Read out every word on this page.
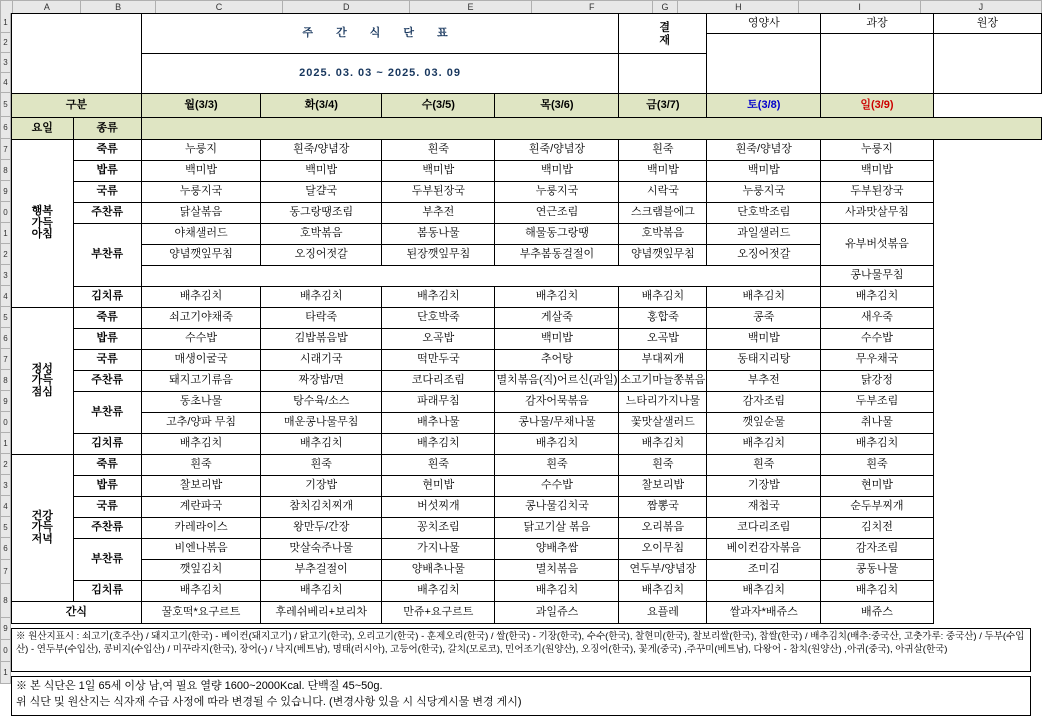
	A	B	C	D	E	F	G	H	I	J
1
2
3
4
5
6
7
8
9
0
1
2
3
4
5
6
7
8
9
0
1
2
3
4
5
6
7
8
9
0
1
		주 간 식 단 표				결재	영양사	과장	원장

		2025. 03. 03 ~ 2025. 03. 09							

구분		월(3/3)	화(3/4)	수(3/5)	목(3/6)	금(3/7)	토(3/8)	일(3/9)	
요일	종류								
행복
가득
아침	죽류	누룽지	흰죽/양념장	흰죽	흰죽/양념장	흰죽	흰죽/양념장	누룽지	
	밥류	백미밥	백미밥	백미밥	백미밥	백미밥	백미밥	백미밥	
	국류	누룽지국	달걀국	두부된장국	누룽지국	시락국	누룽지국	두부된장국	
	주찬류	닭살볶음	동그랑땡조림	부추전	연근조림	스크램블에그	단호박조림	사과맛살무침	
	부찬류	야채샐러드	호박볶음	봄동나물	해물동그랑땡	호박볶음	과일샐러드	유부버섯볶음	
		양념깻잎무침	오징어젓갈	된장깻잎무침	부추봄동걸절이	양념깻잎무침	오징어젓갈		
								콩나물무침	
	김치류	배추김치	배추김치	배추김치	배추김치	배추김치	배추김치	배추김치	
정성
가득
점심	죽류	쇠고기야채죽	타락죽	단호박죽	게살죽	홍합죽	콩죽	새우죽	
	밥류	수수밥	김밥볶음밥	오곡밥	백미밥	오곡밥	백미밥	수수밥	
	국류	매생이굴국	시래기국	떡만두국	추어탕	부대찌개	동태지리탕	무우채국	
	주찬류	돼지고기류음	짜장밥/면	코다리조림	멸치볶음(직)어르신(과일)	소고기마늘쫑볶음	부추전	닭강정	
	부찬류	동초나물	탕수육/소스	파래무침	감자어묵볶음	느타리가지나물	감자조림	두부조림	
		고추/양파 무침	매운콩나물무침	배추나물	콩나물/무채나물	꽃맛살샐러드	깻잎순물	취나물	
	김치류	배추김치	배추김치	배추김치	배추김치	배추김치	배추김치	배추김치	
건강
가득
저녁	죽류	흰죽	흰죽	흰죽	흰죽	흰죽	흰죽	흰죽	
	밥류	찰보리밥	기장밥	현미밥	수수밥	찰보리밥	기장밥	현미밥	
	국류	계란파국	참치김치찌개	버섯찌개	콩나물김치국	짬뽕국	재첩국	순두부찌개	
	주찬류	카레라이스	왕만두/간장	꽁치조림	닭고기살 볶음	오리볶음	코다리조림	김치전	
	부찬류	비엔나볶음	맛살숙주나물	가지나물	양배추쌈	오이무침	베이컨감자볶음	감자조림	
		깻잎김치	부추걸절이	양배추나물	멸치볶음	연두부/양념장	조미김	콩동나물	
	김치류	배추김치	배추김치	배추김치	배추김치	배추김치	배추김치	배추김치	
간식		꿀호떡*요구르트	후레쉬베리+보리차	만쥬+요구르트	과일쥬스	요플레	쌀과자*배쥬스	배쥬스	
※ 원산지표시 : 쇠고기(호주산) / 돼지고기(한국) - 베이컨(돼지고기) / 닭고기(한국), 오리고기(한국) - 훈제오리(한국) / 쌀(한국) - 기장(한국), 수수(한국), 찰현미(한국), 찰보리쌀(한국), 찹쌀(한국) / 배추김치(배추:중국산, 고춧가루: 중국산) / 두부(수입산) - 연두부(수입산), 콩비지(수입산) / 미꾸라지(한국), 장어(-) / 낙지(베트남), 명태(러시아), 고등어(한국), 갈치(모로코), 민어조기(원양산), 오징어(한국), 꽃게(중국) ,주꾸미(베트남), 다왕어 - 참치(원양산) ,아귀(중국), 아귀살(한국)
※ 본 식단은 1일 65세 이상 남,여 필요 열량 1600~2000Kcal. 단백질 45~50g.
위 식단 및 원산지는 식자재 수급 사정에 따라 변경될 수 있습니다. (변경사항 있을 시 식당게시물 변경 게시)
